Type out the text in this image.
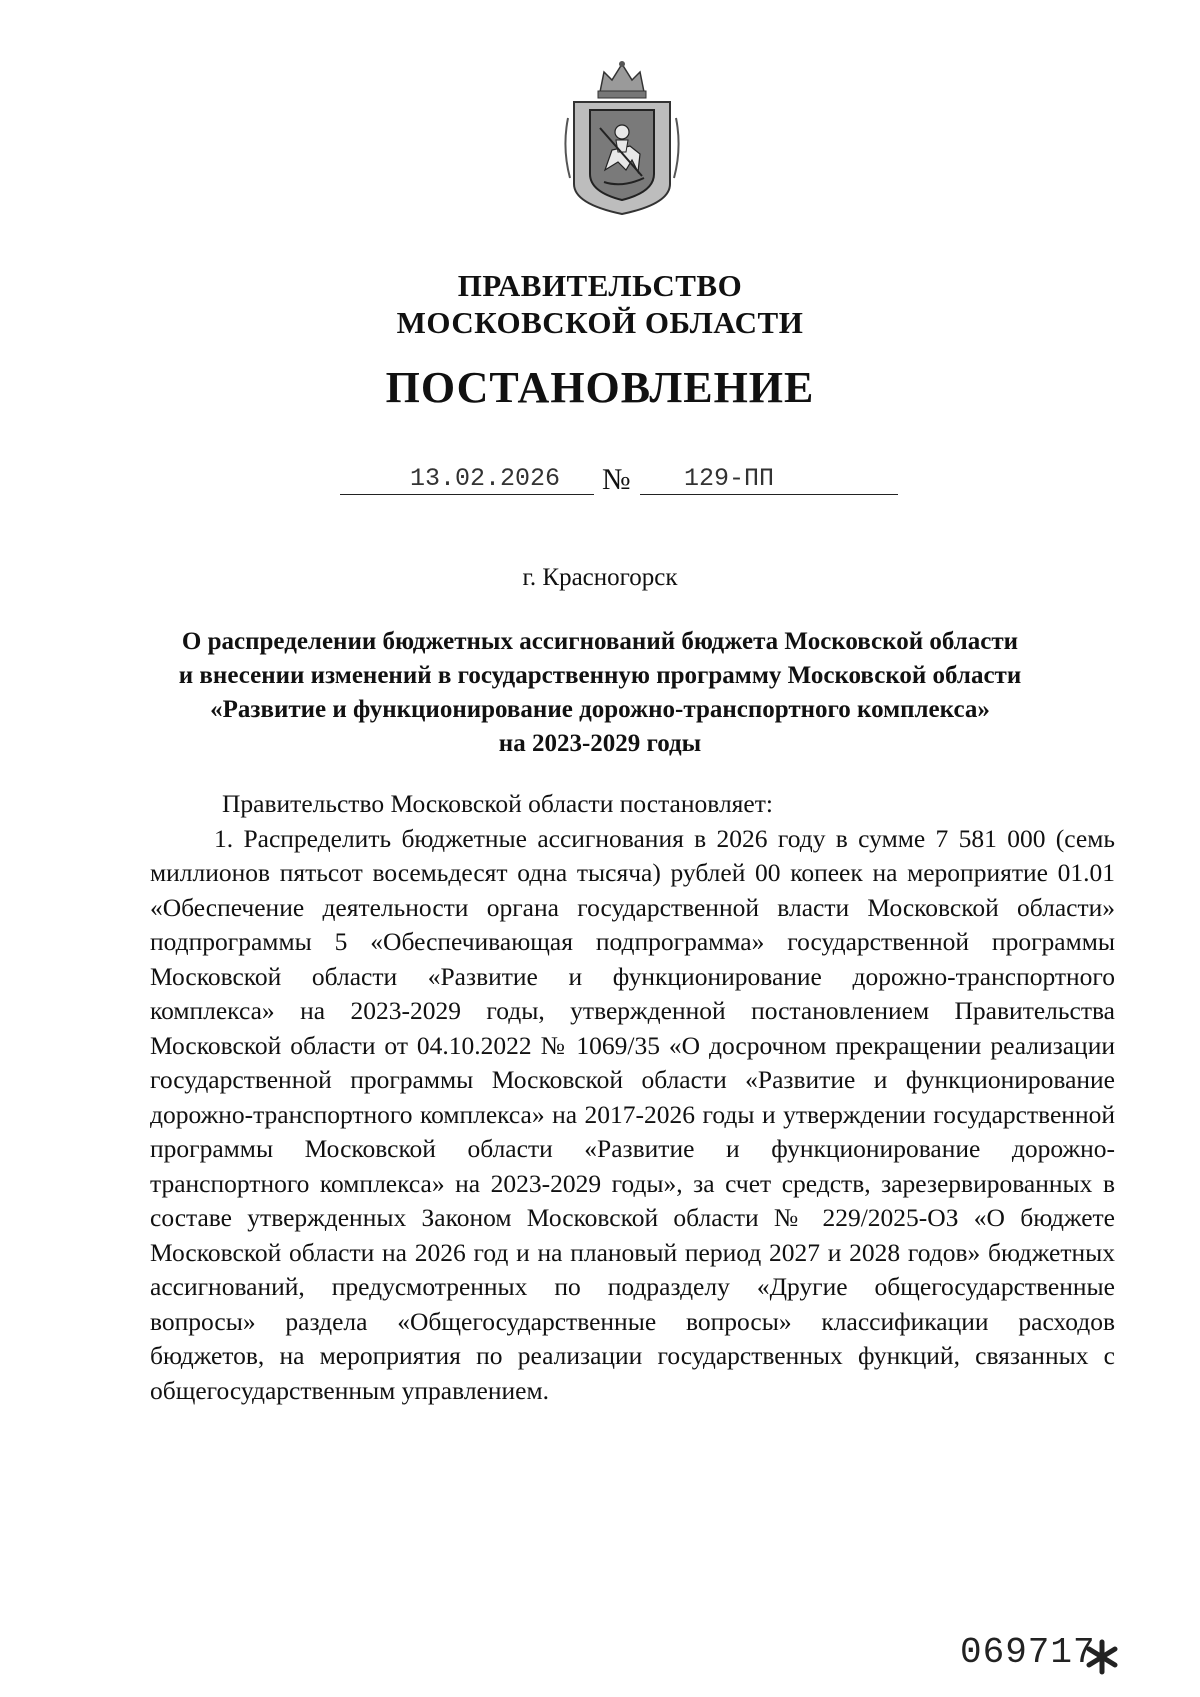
ПРАВИТЕЛЬСТВО
МОСКОВСКОЙ ОБЛАСТИ
ПОСТАНОВЛЕНИЕ
13.02.2026 № 129-ПП
г. Красногорск
О распределении бюджетных ассигнований бюджета Московской области
и внесении изменений в государственную программу Московской области
«Развитие и функционирование дорожно-транспортного комплекса»
на 2023-2029 годы

Правительство Московской области постановляет:

1. Распределить бюджетные ассигнования в 2026 году в сумме 7 581 000 (семь миллионов пятьсот восемьдесят одна тысяча) рублей 00 копеек на мероприятие 01.01 «Обеспечение деятельности органа государственной власти Московской области» подпрограммы 5 «Обеспечивающая подпрограмма» государственной программы Московской области «Развитие и функционирование дорожно-транспортного комплекса» на 2023-2029 годы, утвержденной постановлением Правительства Московской области от 04.10.2022 № 1069/35 «О досрочном прекращении реализации государственной программы Московской области «Развитие и функционирование дорожно-транспортного комплекса» на 2017-2026 годы и утверждении государственной программы Московской области «Развитие и функционирование дорожно-транспортного комплекса» на 2023-2029 годы», за счет средств, зарезервированных в составе утвержденных Законом Московской области № 229/2025-ОЗ «О бюджете Московской области на 2026 год и на плановый период 2027 и 2028 годов» бюджетных ассигнований, предусмотренных по подразделу «Другие общегосударственные вопросы» раздела «Общегосударственные вопросы» классификации расходов бюджетов, на мероприятия по реализации государственных функций, связанных с общегосударственным управлением.

069717
